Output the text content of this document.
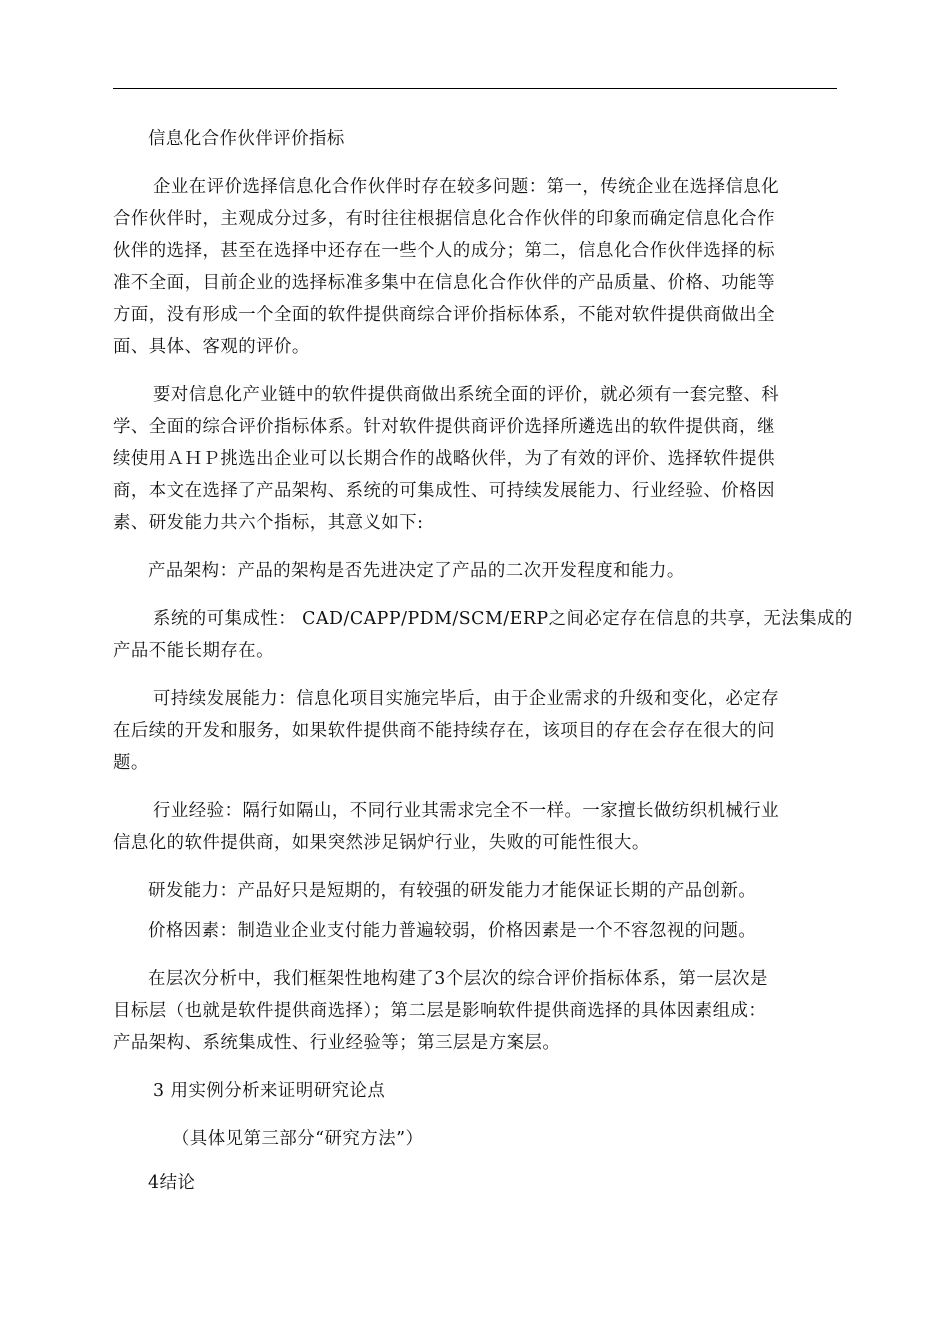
信息化合作伙伴评价指标
企业在评价选择信息化合作伙伴时存在较多问题：第一，传统企业在选择信息化
合作伙伴时，主观成分过多，有时往往根据信息化合作伙伴的印象而确定信息化合作
伙伴的选择，甚至在选择中还存在一些个人的成分；第二，信息化合作伙伴选择的标
准不全面，目前企业的选择标准多集中在信息化合作伙伴的产品质量、价格、功能等
方面，没有形成一个全面的软件提供商综合评价指标体系，不能对软件提供商做出全
面、具体、客观的评价。
要对信息化产业链中的软件提供商做出系统全面的评价，就必须有一套完整、科
学、全面的综合评价指标体系。针对软件提供商评价选择所遴选出的软件提供商，继
续使用ＡＨＰ挑选出企业可以长期合作的战略伙伴，为了有效的评价、选择软件提供
商，本文在选择了产品架构、系统的可集成性、可持续发展能力、行业经验、价格因
素、研发能力共六个指标，其意义如下:
产品架构：产品的架构是否先进决定了产品的二次开发程度和能力。
系统的可集成性： CAD/CAPP/PDM/SCM/ERP之间必定存在信息的共享，无法集成的
产品不能长期存在。
可持续发展能力：信息化项目实施完毕后，由于企业需求的升级和变化，必定存
在后续的开发和服务，如果软件提供商不能持续存在，该项目的存在会存在很大的问
题。
行业经验：隔行如隔山，不同行业其需求完全不一样。一家擅长做纺织机械行业
信息化的软件提供商，如果突然涉足锅炉行业，失败的可能性很大。
研发能力：产品好只是短期的，有较强的研发能力才能保证长期的产品创新。
价格因素：制造业企业支付能力普遍较弱，价格因素是一个不容忽视的问题。
在层次分析中，我们框架性地构建了3个层次的综合评价指标体系，第一层次是
目标层（也就是软件提供商选择）；第二层是影响软件提供商选择的具体因素组成：
产品架构、系统集成性、行业经验等；第三层是方案层。
3 用实例分析来证明研究论点
（具体见第三部分“研究方法”）
4结论
